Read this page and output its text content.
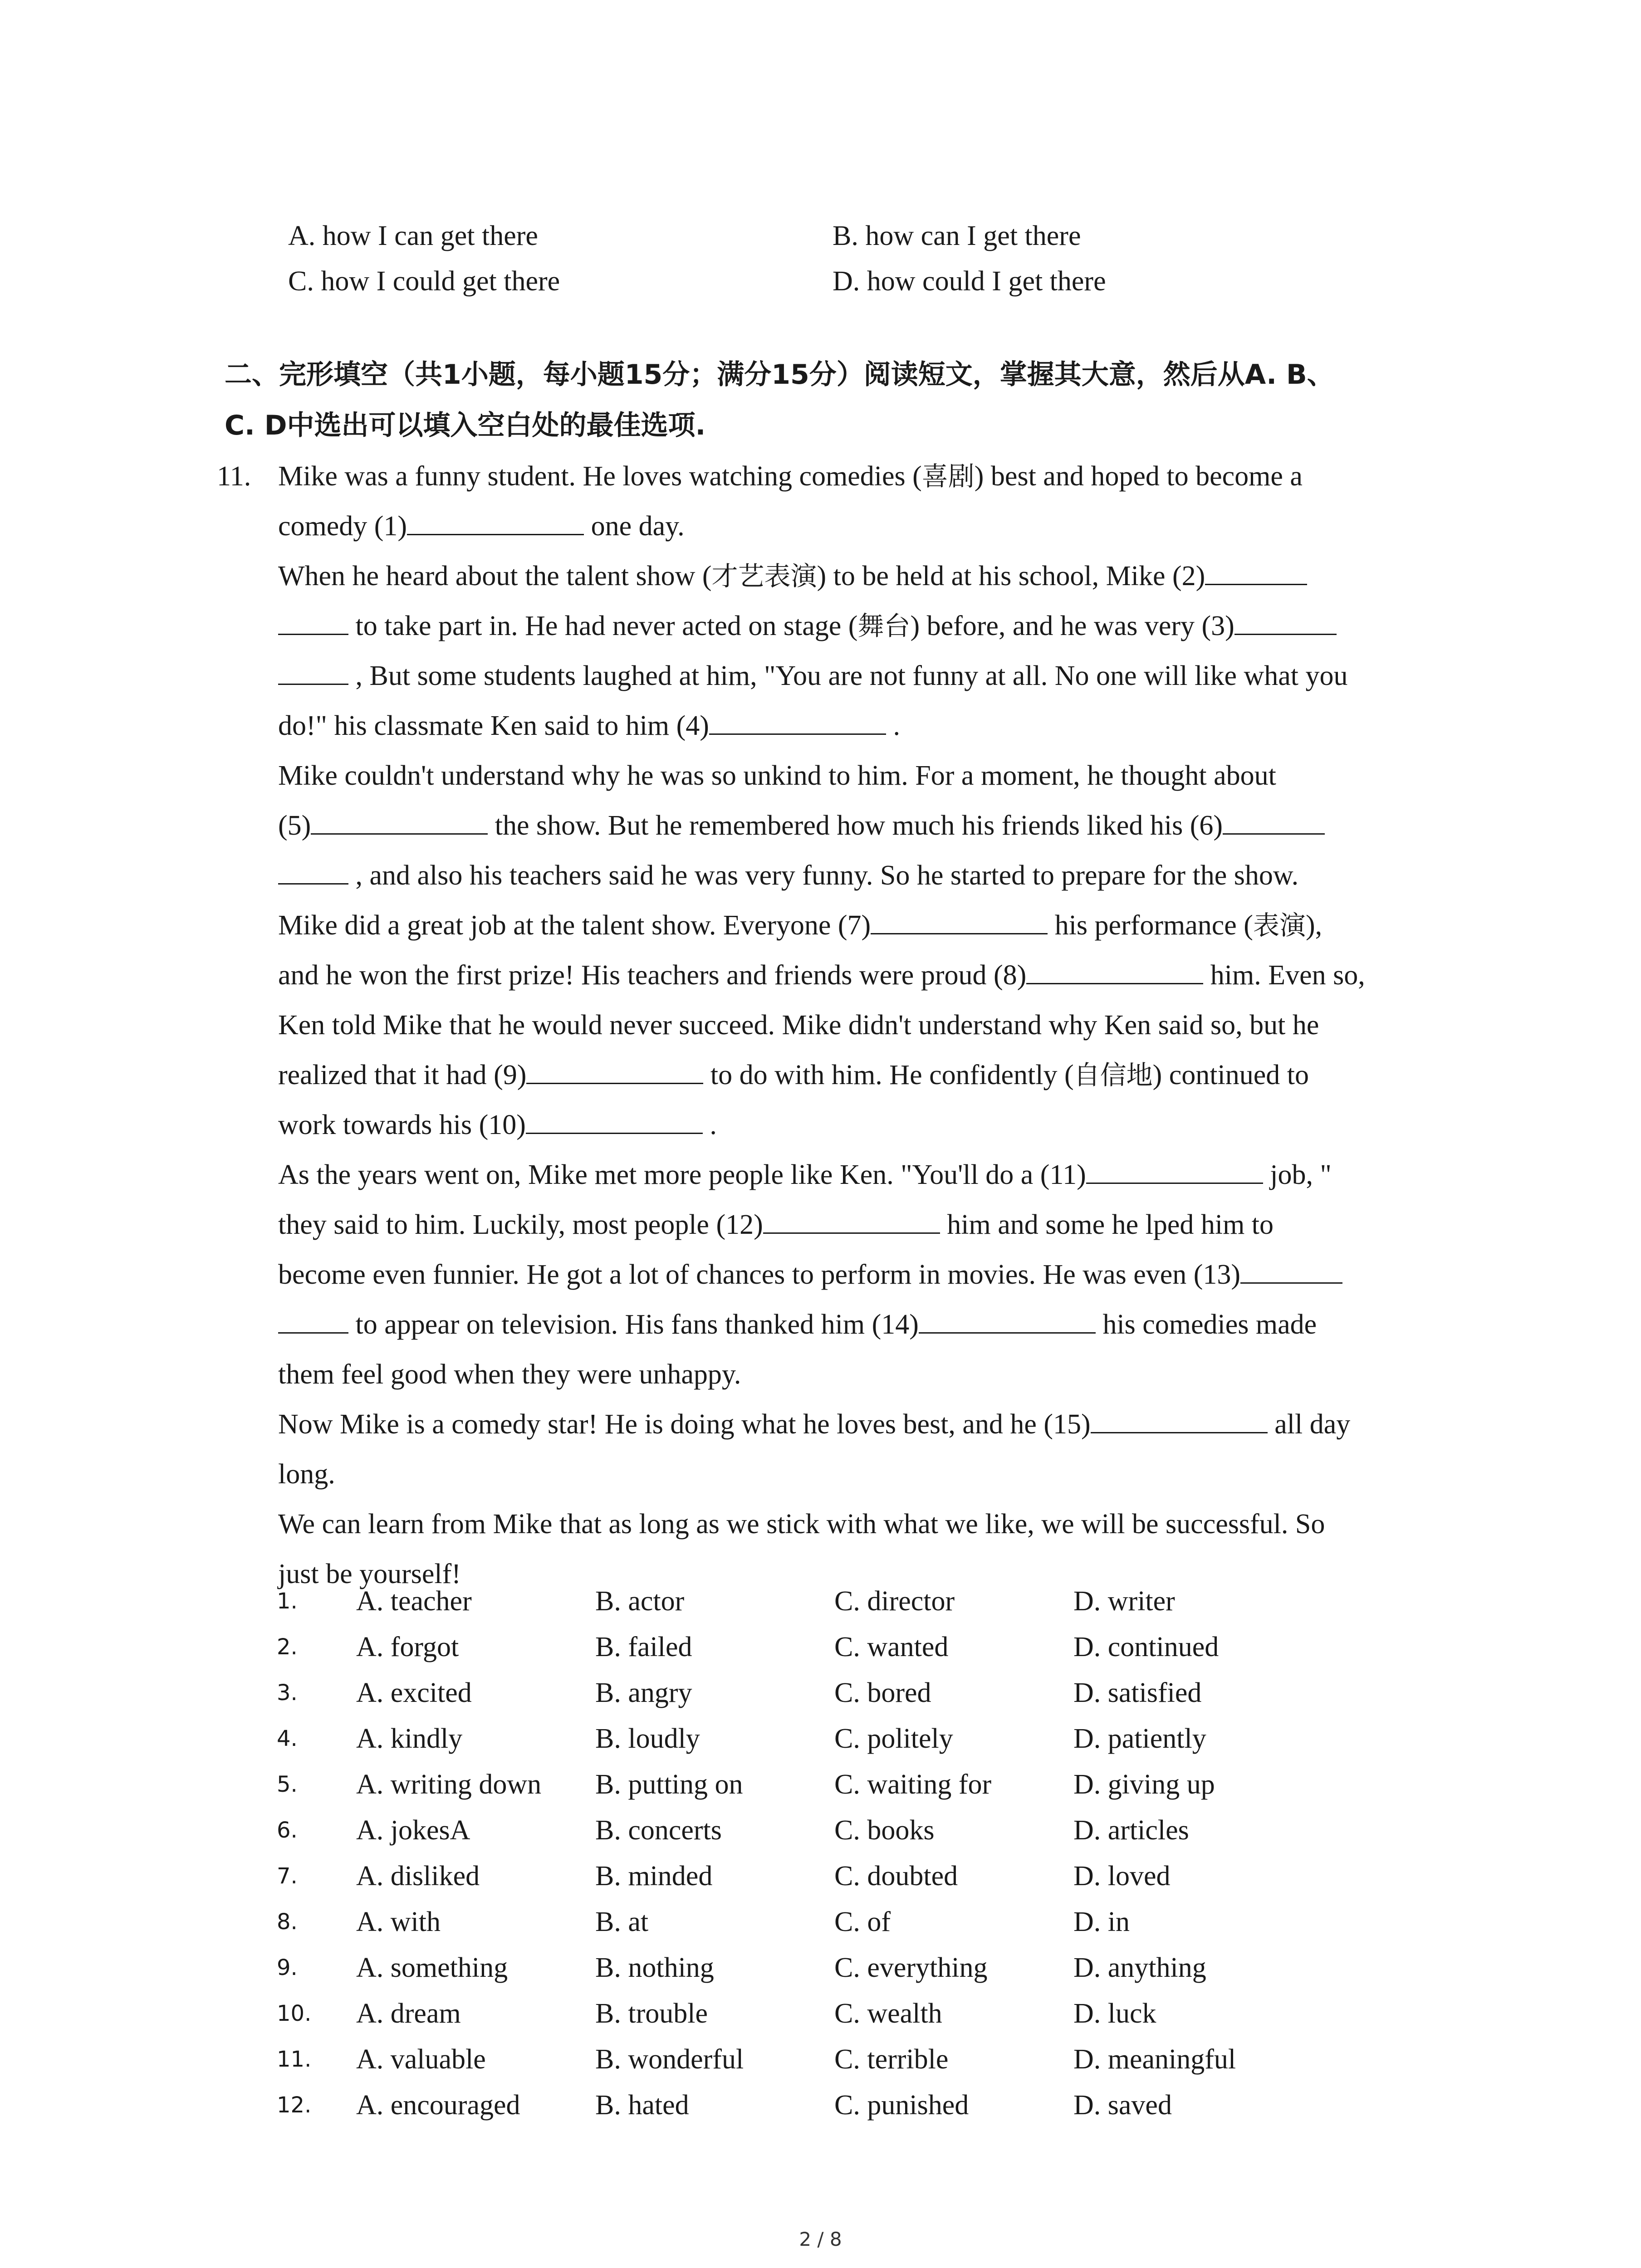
A. how I can get there	B. how can I get there
C. how I could get there	D. how could I get there
二、完形填空（共1小题，每小题15分；满分15分）阅读短文，掌握其大意，然后从A. B、
C. D中选出可以填入空白处的最佳选项.
11. Mike was a funny student. He loves watching comedies (喜剧) best and hoped to become a
comedy (1)	one day.
When he heard about the talent show (才艺表演) to be held at his school, Mike (2)
to take part in. He had never acted on stage (舞台) before, and he was very (3)
, But some students laughed at him, "You are not funny at all. No one will like what you
do!" his classmate Ken said to him (4)	.
Mike couldn't understand why he was so unkind to him. For a moment, he thought about
(5)	the show. But he remembered how much his friends liked his (6)
, and also his teachers said he was very funny. So he started to prepare for the show.
Mike did a great job at the talent show. Everyone (7)	his performance (表演),
and he won the first prize! His teachers and friends were proud (8)	him. Even so,
Ken told Mike that he would never succeed. Mike didn't understand why Ken said so, but he
realized that it had (9)	to do with him. He confidently (自信地) continued to
work towards his (10)	.
As the years went on, Mike met more people like Ken. "You'll do a (11)	job, "
they said to him. Luckily, most people (12)	him and some he lped him to
become even funnier. He got a lot of chances to perform in movies. He was even (13)
to appear on television. His fans thanked him (14)	his comedies made
them feel good when they were unhappy.
Now Mike is a comedy star! He is doing what he loves best, and he (15)	all day
long.
We can learn from Mike that as long as we stick with what we like, we will be successful. So
just be yourself!
1.	A. teacher	B. actor	C. director	D. writer
2.	A. forgot	B. failed	C. wanted	D. continued
3.	A. excited	B. angry	C. bored	D. satisfied
4.	A. kindly	B. loudly	C. politely	D. patiently
5.	A. writing down	B. putting on	C. waiting for	D. giving up
6.	A. jokesA	B. concerts	C. books	D. articles
7.	A. disliked	B. minded	C. doubted	D. loved
8.	A. with	B. at	C. of	D. in
9.	A. something	B. nothing	C. everything	D. anything
10.	A. dream	B. trouble	C. wealth	D. luck
11.	A. valuable	B. wonderful	C. terrible	D. meaningful
12.	A. encouraged	B. hated	C. punished	D. saved
2 / 8
